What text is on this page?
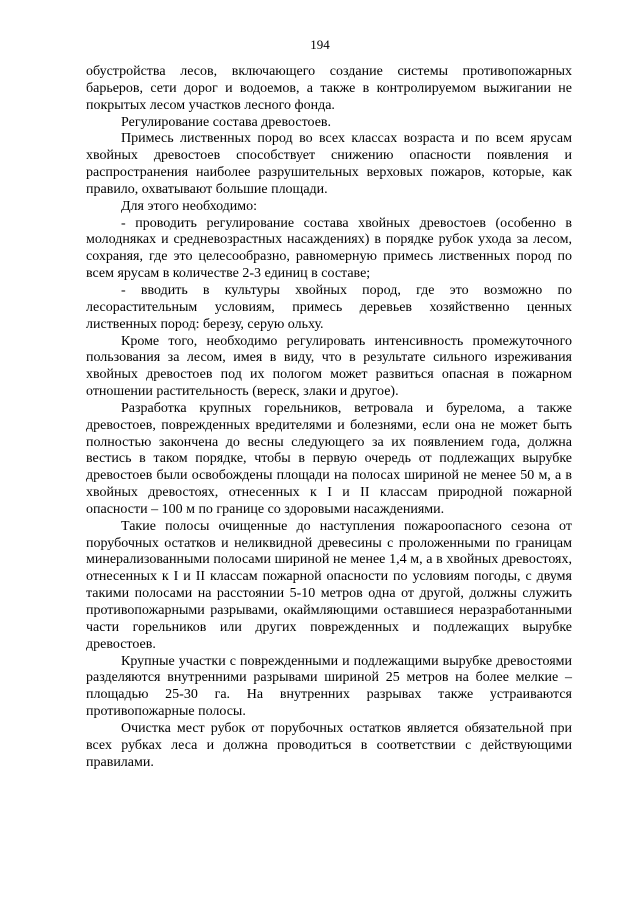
194

обустройства лесов, включающего создание системы противопожарных барьеров, сети дорог и водоемов, а также в контролируемом выжигании не покрытых лесом участков лесного фонда.

Регулирование состава древостоев.

Примесь лиственных пород во всех классах возраста и по всем ярусам хвойных древостоев способствует снижению опасности появления и распространения наиболее разрушительных верховых пожаров, которые, как правило, охватывают большие площади.

Для этого необходимо:

- проводить регулирование состава хвойных древостоев (особенно в молодняках и средневозрастных насаждениях) в порядке рубок ухода за лесом, сохраняя, где это целесообразно, равномерную примесь лиственных пород по всем ярусам в количестве 2-3 единиц в составе;

- вводить в культуры хвойных пород, где это возможно по лесорастительным условиям, примесь деревьев хозяйственно ценных лиственных пород: березу, серую ольху.

Кроме того, необходимо регулировать интенсивность промежуточного пользования за лесом, имея в виду, что в результате сильного изреживания хвойных древостоев под их пологом может развиться опасная в пожарном отношении растительность (вереск, злаки и другое).

Разработка крупных горельников, ветровала и бурелома, а также древостоев, поврежденных вредителями и болезнями, если она не может быть полностью закончена до весны следующего за их появлением года, должна вестись в таком порядке, чтобы в первую очередь от подлежащих вырубке древостоев были освобождены площади на полосах шириной не менее 50 м, а в хвойных древостоях, отнесенных к I и II классам природной пожарной опасности – 100 м по границе со здоровыми насаждениями.

Такие полосы очищенные до наступления пожароопасного сезона от порубочных остатков и неликвидной древесины с проложенными по границам минерализованными полосами шириной не менее 1,4 м, а в хвойных древостоях, отнесенных к I и II классам пожарной опасности по условиям погоды, с двумя такими полосами на расстоянии 5-10 метров одна от другой, должны служить противопожарными разрывами, окаймляющими оставшиеся неразработанными части горельников или других поврежденных и подлежащих вырубке древостоев.

Крупные участки с поврежденными и подлежащими вырубке древостоями разделяются внутренними разрывами шириной 25 метров на более мелкие – площадью 25-30 га. На внутренних разрывах также устраиваются противопожарные полосы.

Очистка мест рубок от порубочных остатков является обязательной при всех рубках леса и должна проводиться в соответствии с действующими правилами.
